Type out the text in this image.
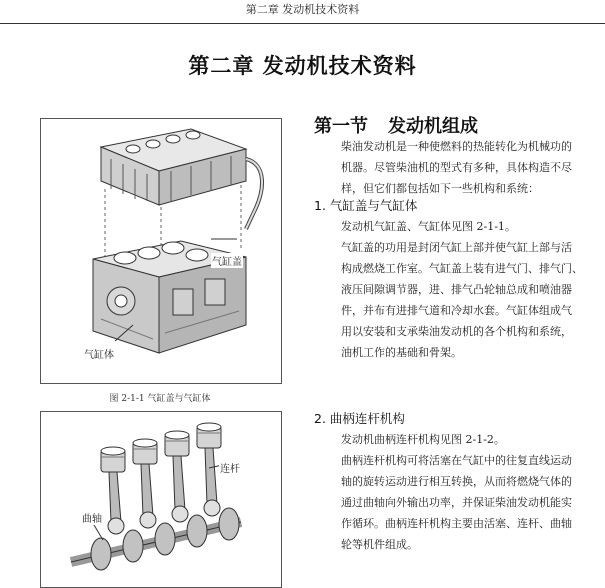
第二章 发动机技术资料
第二章 发动机技术资料
气缸盖
气缸体
图 2-1-1 气缸盖与气缸体
连杆
曲轴
第一节 发动机组成
柴油发动机是一种使燃料的热能转化为机械功的
机器。尽管柴油机的型式有多种，具体构造不尽
样，但它们都包括如下一些机构和系统：
1. 气缸盖与气缸体
发动机气缸盖、气缸体见图 2-1-1。
气缸盖的功用是封闭气缸上部并使气缸上部与活
构成燃烧工作室。气缸盖上装有进气门、排气门、
液压间隙调节器，进、排气凸轮轴总成和喷油器
件，并布有进排气道和冷却水套。气缸体组成气
用以安装和支承柴油发动机的各个机构和系统，
油机工作的基础和骨架。
2. 曲柄连杆机构
发动机曲柄连杆机构见图 2-1-2。
曲柄连杆机构可将活塞在气缸中的往复直线运动
轴的旋转运动进行相互转换，从而将燃烧气体的
通过曲轴向外输出功率，并保证柴油发动机能实
作循环。曲柄连杆机构主要由活塞、连杆、曲轴
轮等机件组成。
